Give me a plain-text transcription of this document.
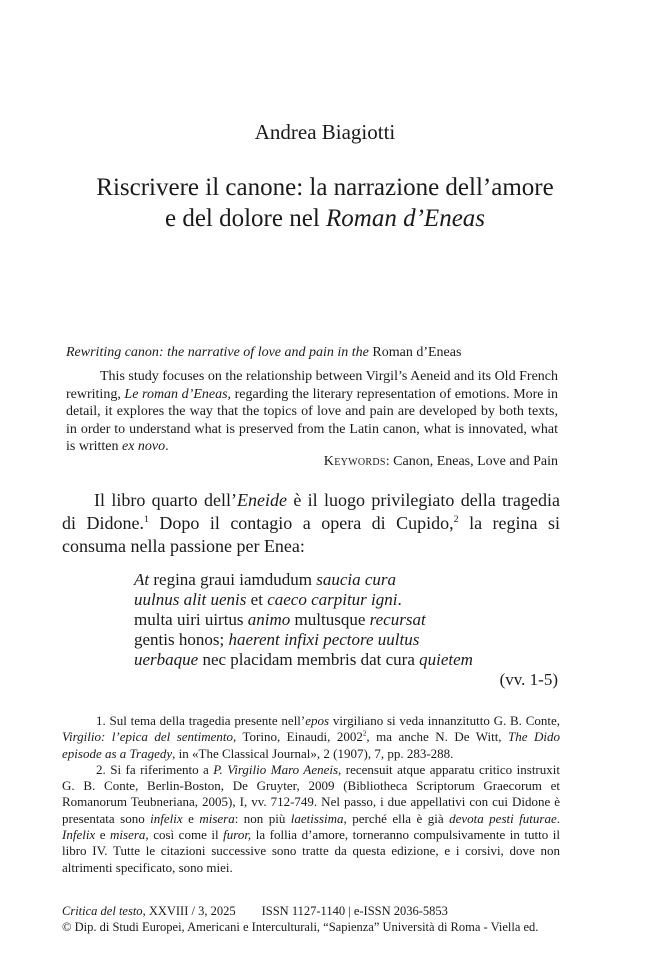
Andrea Biagiotti
Riscrivere il canone: la narrazione dell’amore
e del dolore nel Roman d’Eneas
Rewriting canon: the narrative of love and pain in the Roman d’Eneas
This study focuses on the relationship between Virgil’s Aeneid and its Old French rewriting, Le roman d’Eneas, regarding the literary representation of emotions. More in detail, it explores the way that the topics of love and pain are developed by both texts, in order to understand what is preserved from the Latin canon, what is innovated, what is written ex novo.
Keywords: Canon, Eneas, Love and Pain
Il libro quarto dell’Eneide è il luogo privilegiato della tragedia di Didone.$^1$ Dopo il contagio a opera di Cupido,$^2$ la regina si consuma nella passione per Enea:
At regina graui iamdudum saucia cura
uulnus alit uenis et caeco carpitur igni.
multa uiri uirtus animo multusque recursat
gentis honos; haerent infixi pectore uultus
uerbaque nec placidam membris dat cura quietem
(vv. 1-5)

1. Sul tema della tragedia presente nell’epos virgiliano si veda innanzitutto G. B. Conte, Virgilio: l’epica del sentimento, Torino, Einaudi, 2002$^2$, ma anche N. De Witt, The Dido episode as a Tragedy, in «The Classical Journal», 2 (1907), 7, pp. 283-288.

2. Si fa riferimento a P. Virgilio Maro Aeneis, recensuit atque apparatu critico instruxit G. B. Conte, Berlin-Boston, De Gruyter, 2009 (Bibliotheca Scriptorum Graecorum et Romanorum Teubneriana, 2005), I, vv. 712-749. Nel passo, i due appellativi con cui Didone è presentata sono infelix e misera: non più laetissima, perché ella è già devota pesti futurae. Infelix e misera, così come il furor, la follia d’amore, torneranno compulsivamente in tutto il libro IV. Tutte le citazioni successive sono tratte da questa edizione, e i corsivi, dove non altrimenti specificato, sono miei.

Critica del testo, XXVIII / 3, 2025 ISSN 1127-1140 | e-ISSN 2036-5853
© Dip. di Studi Europei, Americani e Interculturali, “Sapienza” Università di Roma - Viella ed.
